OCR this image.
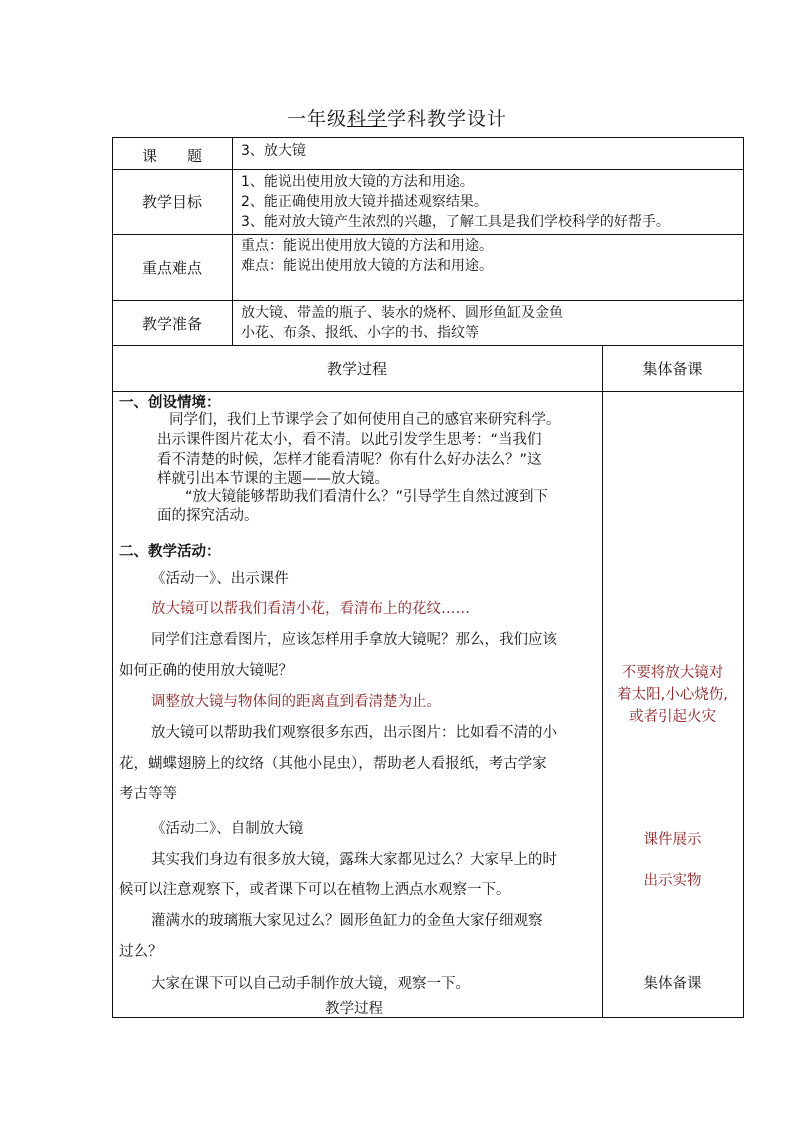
一年级科学学科教学设计
课　　题	3、放大镜
教学目标
1、能说出使用放大镜的方法和用途。
2、能正确使用放大镜并描述观察结果。
3、能对放大镜产生浓烈的兴趣，了解工具是我们学校科学的好帮手。
重点难点
重点：能说出使用放大镜的方法和用途。
难点：能说出使用放大镜的方法和用途。
教学准备
放大镜、带盖的瓶子、装水的烧杯、圆形鱼缸及金鱼
小花、布条、报纸、小字的书、指纹等
教学过程	集体备课
一、创设情境：
同学们，我们上节课学会了如何使用自己的感官来研究科学。
出示课件图片花太小，看不清。以此引发学生思考：“当我们
看不清楚的时候，怎样才能看清呢？你有什么好办法么？”这
样就引出本节课的主题——放大镜。
“放大镜能够帮助我们看清什么？”引导学生自然过渡到下
面的探究活动。
二、教学活动：
《活动一》、出示课件
放大镜可以帮我们看清小花，看清布上的花纹……
同学们注意看图片，应该怎样用手拿放大镜呢？那么，我们应该
如何正确的使用放大镜呢？
调整放大镜与物体间的距离直到看清楚为止。
放大镜可以帮助我们观察很多东西，出示图片：比如看不清的小
花，蝴蝶翅膀上的纹络（其他小昆虫），帮助老人看报纸，考古学家
考古等等
《活动二》、自制放大镜
其实我们身边有很多放大镜，露珠大家都见过么？大家早上的时
候可以注意观察下，或者课下可以在植物上洒点水观察一下。
灌满水的玻璃瓶大家见过么？圆形鱼缸力的金鱼大家仔细观察
过么？
大家在课下可以自己动手制作放大镜，观察一下。
教学过程
不要将放大镜对
着太阳,小心烧伤,
或者引起火灾
课件展示
出示实物
集体备课
